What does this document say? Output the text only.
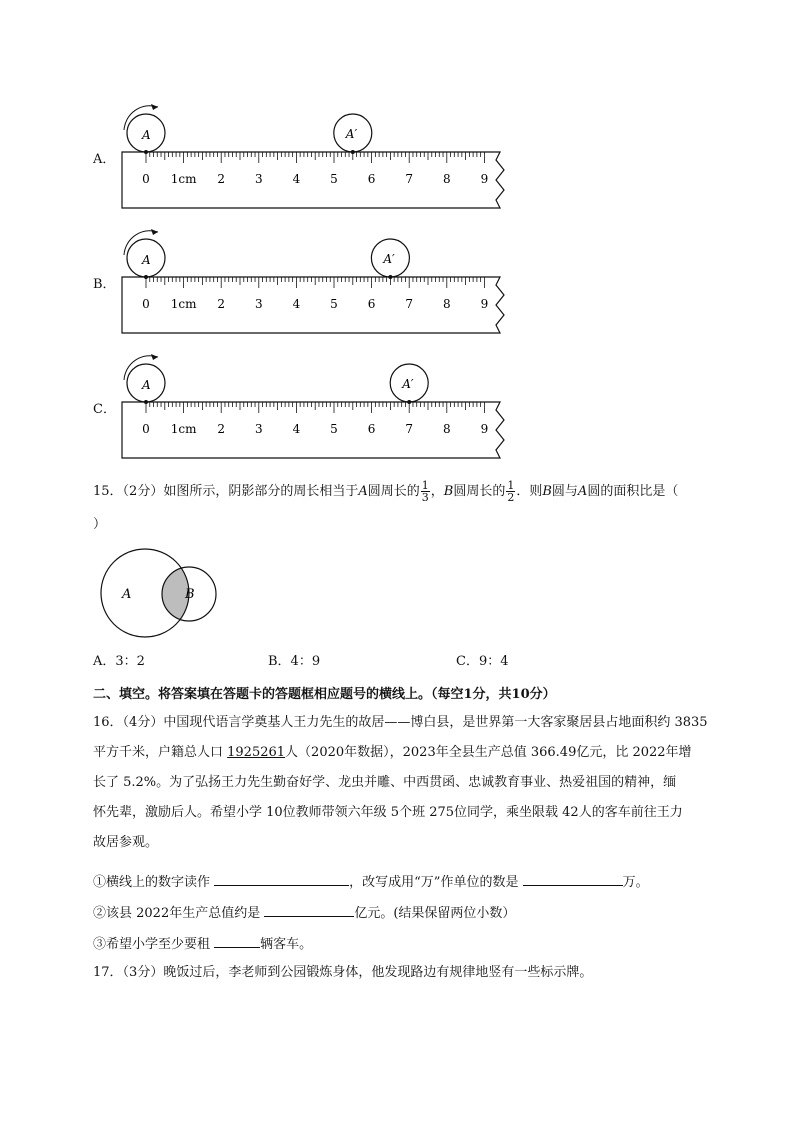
A．
0 1cm 2 3 4 5 6 7 8 9
A	A′
B．
0 1cm 2 3 4 5 6 7 8 9
A	A′
C．
0 1cm 2 3 4 5 6 7 8 9
A	A′
15．（2分）如图所示，阴影部分的周长相当于A圆周长的 $\frac{1}{3}$ ，B圆周长的 $\frac{1}{2}$ ．则B圆与A圆的面积比是（
）
A	B
A．3：2	B．4：9	C．9：4
二、填空。将答案填在答题卡的答题框相应题号的横线上。（每空1分，共10分）
16．（4分）中国现代语言学奠基人王力先生的故居——博白县，是世界第一大客家聚居县占地面积约 3835
平方千米，户籍总人口 1925261人（2020年数据），2023年全县生产总值 366.49亿元，比 2022年增
长了 5.2%。为了弘扬王力先生勤奋好学、龙虫并雕、中西贯函、忠诚教育事业、热爱祖国的精神，缅
怀先辈，激励后人。希望小学 10位教师带领六年级 5个班 275位同学，乘坐限载 42人的客车前往王力
故居参观。
①横线上的数字读作	，改写成用“万”作单位的数是	万。
②该县 2022年生产总值约是	亿元。(结果保留两位小数）
③希望小学至少要租	辆客车。
17．（3分）晚饭过后，李老师到公园锻炼身体，他发现路边有规律地竖有一些标示牌。
